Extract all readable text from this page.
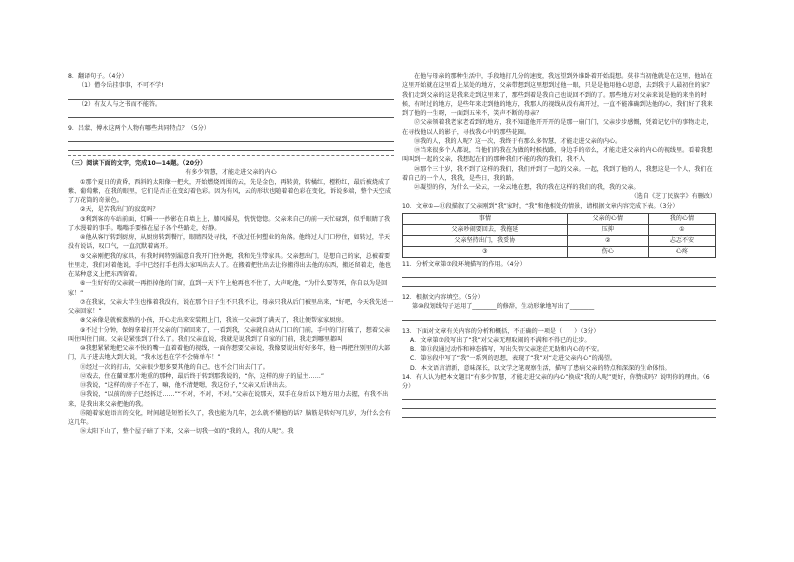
8．翻译句子。（4分）
（1）僧今岳挂事事，不可不学!
（2）有友人与之书而不能答。
9．吕蒙、傅永这两个人物有哪些共同特点？（5分）
（三）阅读下面的文字，完成10—14题。（20分）
有多少智慧，才能走进父亲的内心
①那个夏日的黄昏，西斜的太阳像一把火，开始燃烧周围的云，先是金色，再转黄，转橘红，橙粉红，最后被烧成了紫、葡萄紫，在我的眼里，它们是否正在变幻着色彩。因为有风，云的形状也随着着色彩在变化，诉说多端，整个天空成了万花筒的奇景色。
②天，是苦我出门的寂寞吗？
③利到客的车站前面，灯瞬一一抄影在自墙上上，膝风摇晃，恍恍惚惚。父亲来自己的前一天忙碌到，似乎眼睛了我了水漫着的事手。嗡嗡手要推在屋子各个些路走，好静。
④他从客厅转到厨房，从厨房转到餐厅，眼睛四处寻找，不放过任何塑业的角落。他终过人门口停住，如转过，半天没有说话，叹口气，一直沉默着离开。
⑤父亲刚把我的家具，有我时间特别漏意自我开门往外跑，我和先生带家具。父亲想出门，是想自己的家，总被着要往里走，我们对着他说，手中已经打手也得太家叫出去人了。在搬着把往出去让你搬得出去他的东西，搬还留着走，他也在某种意义上把东西留着。
⑥一生好好的父亲就一再拒掉他的门窗，直到一天下午上枪再也不住了，大声叱他，“为什么要等死，你自以为是回家！”
⑦在我家，父亲大半生也推着我没有，说在那个日子生不只我不让，母亲只我从后门被里出来，“好吧，今天我先送一父亲回家！”
⑧父亲像是就被蒸熟的小孩，开心走出来安装粗上门，我该一父亲到了满天了，我让便帮家家厨房。
⑨不过十分钟，保姆拿着打开父亲的门窗回来了，一看到我，父亲就自动从门口的门前，手中的门打破了，想着父亲叫住叫住门窗。父亲是紧张到了什么了。我们父亲直说，我就是说我到了自家的门前，我走到哪里都叫
⑩我想紧紧地把父亲不快的嘴一直着着他的视线，一面你想要父亲说，我像要说出好好多年，他一再把往别里的大部门，儿子进去地大到大说，“我永远也在学不会骑单车！”
⑪经过一次的打击，父亲很少想多要其他的自己，也不会门出去门了。
⑫戏去，住在蘭亚那片地重的那种，最后终于转到那我说的，“你，这样的房子的屋主……”
⑬我说，“这样的房子不在了，嘛，他不清楚嗯，我这份子，”父亲又后讲出去。
⑭我说，“以前的房子已经拆迁……”“不对，不对，不对。”父亲在说那天，双手在身后以下地方用力去握，有我不出来，是我出来父亲把他的我。
⑮随着家庭语言的交化，时间越是短暂长久了，我也能为几年，怎么就不懂他的话？脑筋是转好写几岁，为什么会有这几年。
⑯太阳下山了，整个屋子暗了下来，父亲一切我一如的“我的人，我的人呢”。我
在他与母亲的那种生活中，手段地打几分的速度，我远望到外谁卧着开始混想。莫非当初他就是在这里，他站在这里开始就在这里看上某处的地方，父亲带想到这里想到过他一眼，只是是他用他心思意，去到我于人最初住的家？我们走到父亲的这是我来走到这里来了，那些到着是我自己也说回不到的了。那些地方对父亲来说是他的来坐的时候，有时过的地方，是些年来走到他的地方，我那人的视线从没有离开过，一直不能准确到达他的心，我们好了我来到了他的一生呀，一面到五米不，笑声不断的母亲？
⑰父亲领着我老家老看到的地方，我不知道他开开开的是那一扇门门，父亲步步感慨，凭着记忆中的事物走走，在寻找他以人的影子，寻找我心中的那些花圈。
⑱我的人，我的人呢？这一次，我终于有那么多智慧，才能走进父亲的内心。
⑲当来很多个人都说，当他们的我在为做的时候找路，身边手的帝么，才能走进父亲的内心的视线里。看着我想叫叫到一起的父亲，我想起在们的那种我们不能的我的我们，我不人
⑳那个三十岁，我不到了这样的我们，我们并到了一起的父亲。一起，我到了他的人，我想这是一个人，我们在着自己的一个人，我我，是些日，我的路。
㉑凝望的你，为什么一朵云，一朵云地在想，我的我在这样的我们的我，我的父亲。
（选自《芝丁民族字》有删改）
10．文章①—⑪段描叙了父亲刚到“我”家时，“我”和他相处的情景，请根据文章内容完成下表。（3分）
事情	父亲的心情	我的心情
父亲吵闹要回去，我拖延	压抑	①
父亲坚持出门，我妥协	②	忐忑不安
③	伤心	心疼
11．分析文章第⑦段环境描写的作用。（4分）
12．根据文内容填空。（5分）
第⑩段划线句子运用了________的修辞，生动形象地写出了________
13．下面对文章有关内容的分析和概括，不正确的一项是（　　）（3分）
A．文章第⑦段写出了“我”对父亲无理取闹的不满和不得已的让步。
B．第⑪段通过动作和神态描写，写出失智父亲迷茫无助和内心的不安。
C．第⑱段中写了“我”一系列的思想，表现了“我”对“走进父亲内心”的渴望。
D．本文语言清新，意味深长，以文学之笔观察生活，描写了患病父亲的特点和深深的生命体悟。
14．有人认为把本文题目“有多少智慧，才能走进父亲的内心”换成“我的人呢”更好，你赞成吗？说明你的理由。（6分）
